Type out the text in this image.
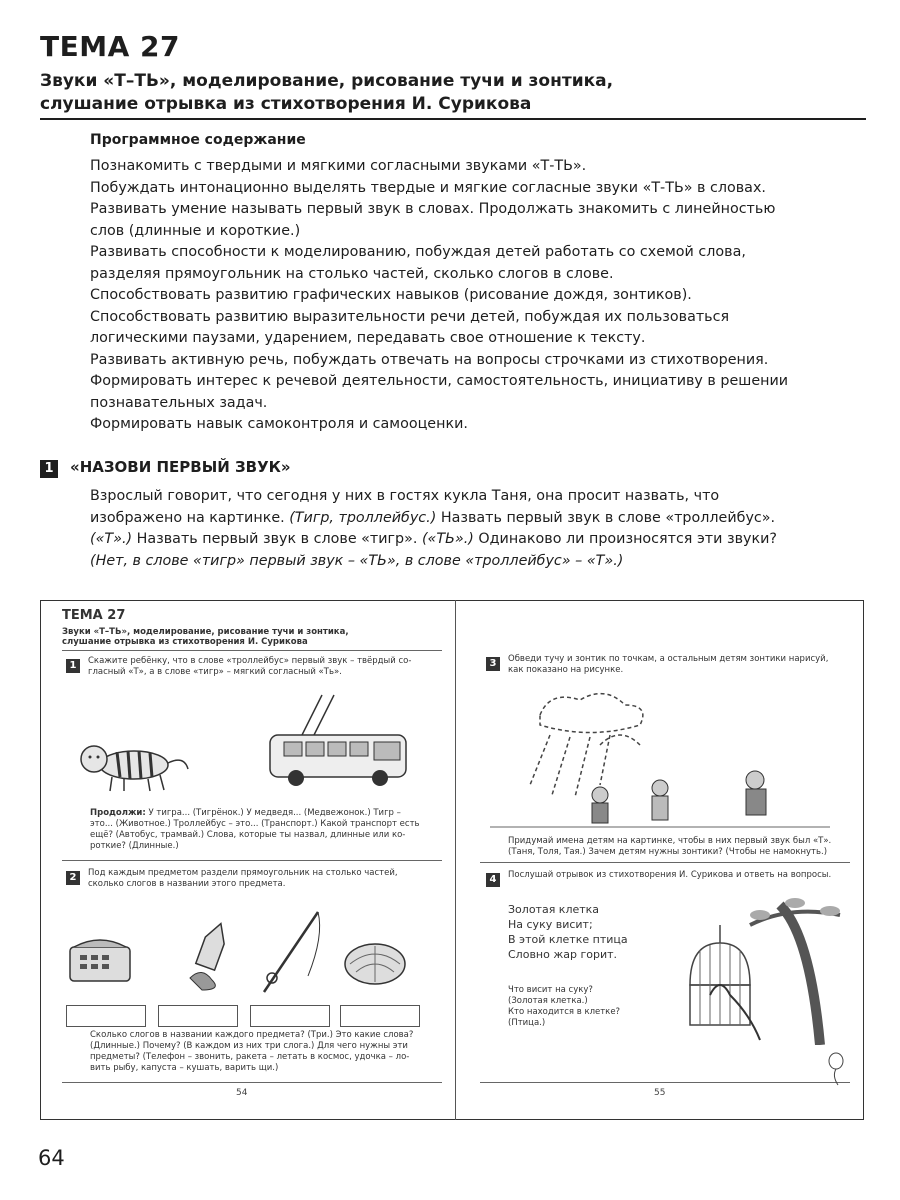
ТЕМА 27
Звуки «Т–ТЬ», моделирование, рисование тучи и зонтика,
слушание отрывка из стихотворения И. Сурикова
Программное содержание
Познакомить с твердыми и мягкими согласными звуками «Т-ТЬ».
Побуждать интонационно выделять твердые и мягкие согласные звуки «Т-ТЬ» в словах.
Развивать умение называть первый звук в словах. Продолжать знакомить с линейностью
слов (длинные и короткие.)
Развивать способности к моделированию, побуждая детей работать со схемой слова,
разделяя прямоугольник на столько частей, сколько слогов в слове.
Способствовать развитию графических навыков (рисование дождя, зонтиков).
Способствовать развитию выразительности речи детей, побуждая их пользоваться
логическими паузами, ударением, передавать свое отношение к тексту.
Развивать активную речь, побуждать отвечать на вопросы строчками из стихотворения.
Формировать интерес к речевой деятельности, самостоятельность, инициативу в решении
познавательных задач.
Формировать навык самоконтроля и самооценки.
1 «НАЗОВИ ПЕРВЫЙ ЗВУК»
Взрослый говорит, что сегодня у них в гостях кукла Таня, она просит назвать, что
изображено на картинке. (Тигр, троллейбус.) Назвать первый звук в слове «троллейбус».
(«Т».) Назвать первый звук в слове «тигр». («ТЬ».) Одинаково ли произносятся эти звуки?
(Нет, в слове «тигр» первый звук – «ТЬ», в слове «троллейбус» – «Т».)
ТЕМА 27
Звуки «Т–ТЬ», моделирование, рисование тучи и зонтика,
слушание отрывка из стихотворения И. Сурикова
1	Скажите ребёнку, что в слове «троллейбус» первый звук – твёрдый со-
гласный «Т», а в слове «тигр» – мягкий согласный «Ть».
Продолжи: У тигра... (Тигрёнок.) У медведя... (Медвежонок.) Тигр –
это... (Животное.) Троллейбус – это... (Транспорт.) Какой транспорт есть
ещё? (Автобус, трамвай.) Слова, которые ты назвал, длинные или ко-
роткие? (Длинные.)
2	Под каждым предметом раздели прямоугольник на столько частей,
сколько слогов в названии этого предмета.
Сколько слогов в названии каждого предмета? (Три.) Это какие слова?
(Длинные.) Почему? (В каждом из них три слога.) Для чего нужны эти
предметы? (Телефон – звонить, ракета – летать в космос, удочка – ло-
вить рыбу, капуста – кушать, варить щи.)
54
3	Обведи тучу и зонтик по точкам, а остальным детям зонтики нарисуй,
как показано на рисунке.
Придумай имена детям на картинке, чтобы в них первый звук был «Т».
(Таня, Толя, Тая.) Зачем детям нужны зонтики? (Чтобы не намокнуть.)
4	Послушай отрывок из стихотворения И. Сурикова и ответь на вопросы.
Золотая клетка
На суку висит;
В этой клетке птица
Словно жар горит.
Что висит на суку?
(Золотая клетка.)
Кто находится в клетке?
(Птица.)
55
64
